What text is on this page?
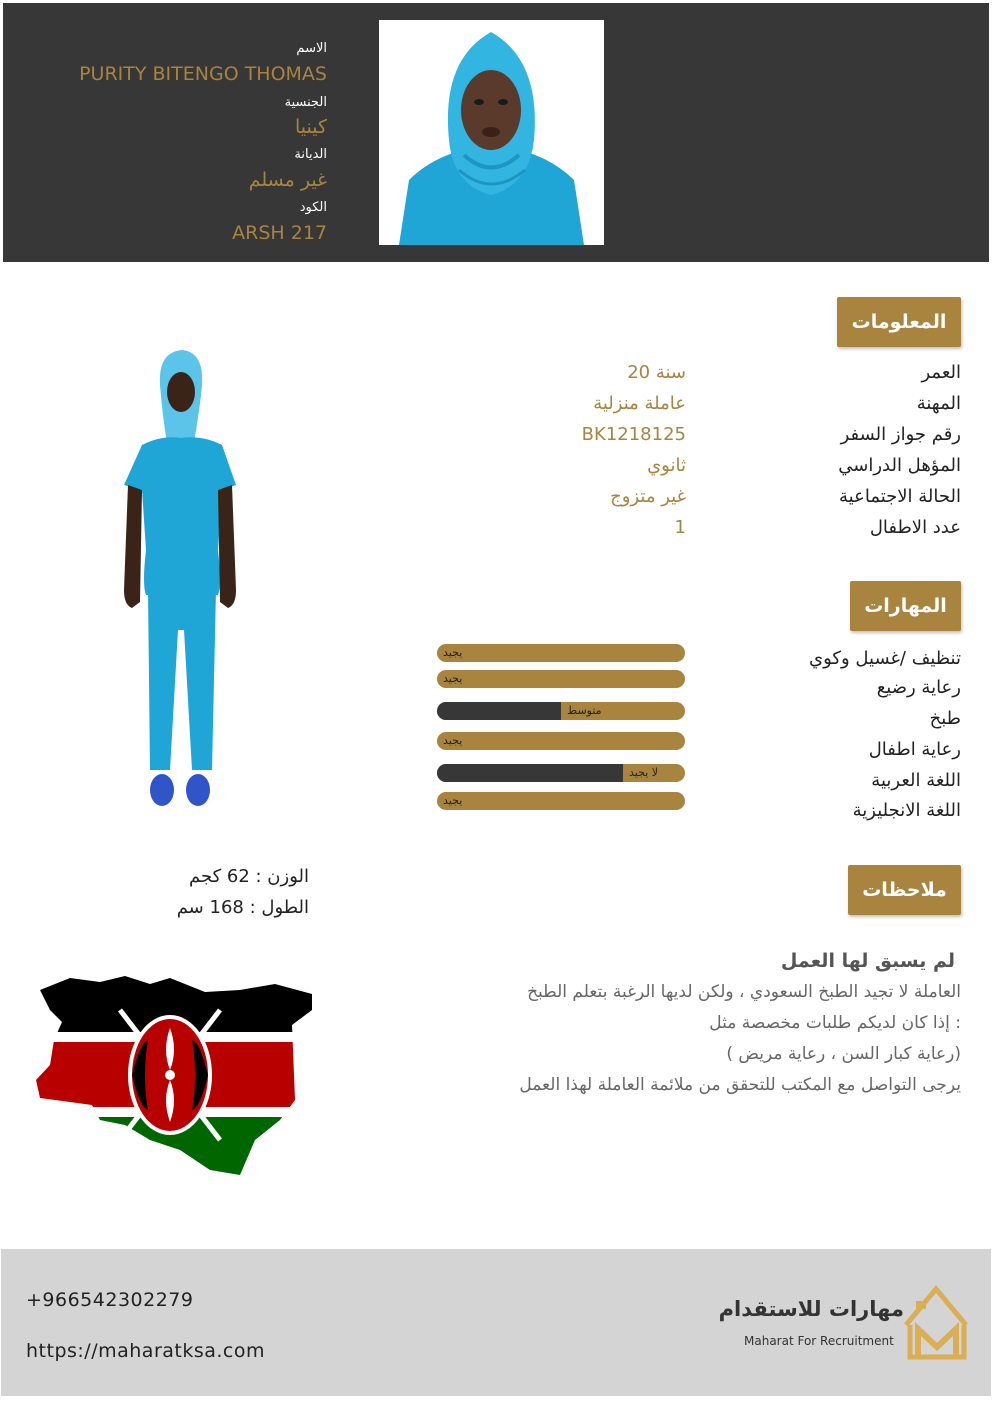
الاسم
PURITY BITENGO THOMAS
الجنسية
كينيا
الديانة
غير مسلم
الكود
ARSH 217
المعلومات
العمر
20 سنة
المهنة
عاملة منزلية
رقم جواز السفر
BK1218125
المؤهل الدراسي
ثانوي
الحالة الاجتماعية
غير متزوج
عدد الاطفال
1
المهارات
تنظيف /غسيل وكوي
يجيد
رعاية رضيع
يجيد
طبخ
متوسط
رعاية اطفال
يجيد
اللغة العربية
لا يجيد
اللغة الانجليزية
يجيد
الوزن : 62 كجم
الطول : 168 سم
ملاحظات
لم يسبق لها العمل
العاملة لا تجيد الطبخ السعودي ، ولكن لديها الرغبة بتعلم الطبخ
إذا كان لديكم طلبات مخصصة مثل :
( رعاية كبار السن ، رعاية مريض)
يرجى التواصل مع المكتب للتحقق من ملائمة العاملة لهذا العمل
+966542302279
https://maharatksa.com
مهارات للاستقدام
Maharat For Recruitment
